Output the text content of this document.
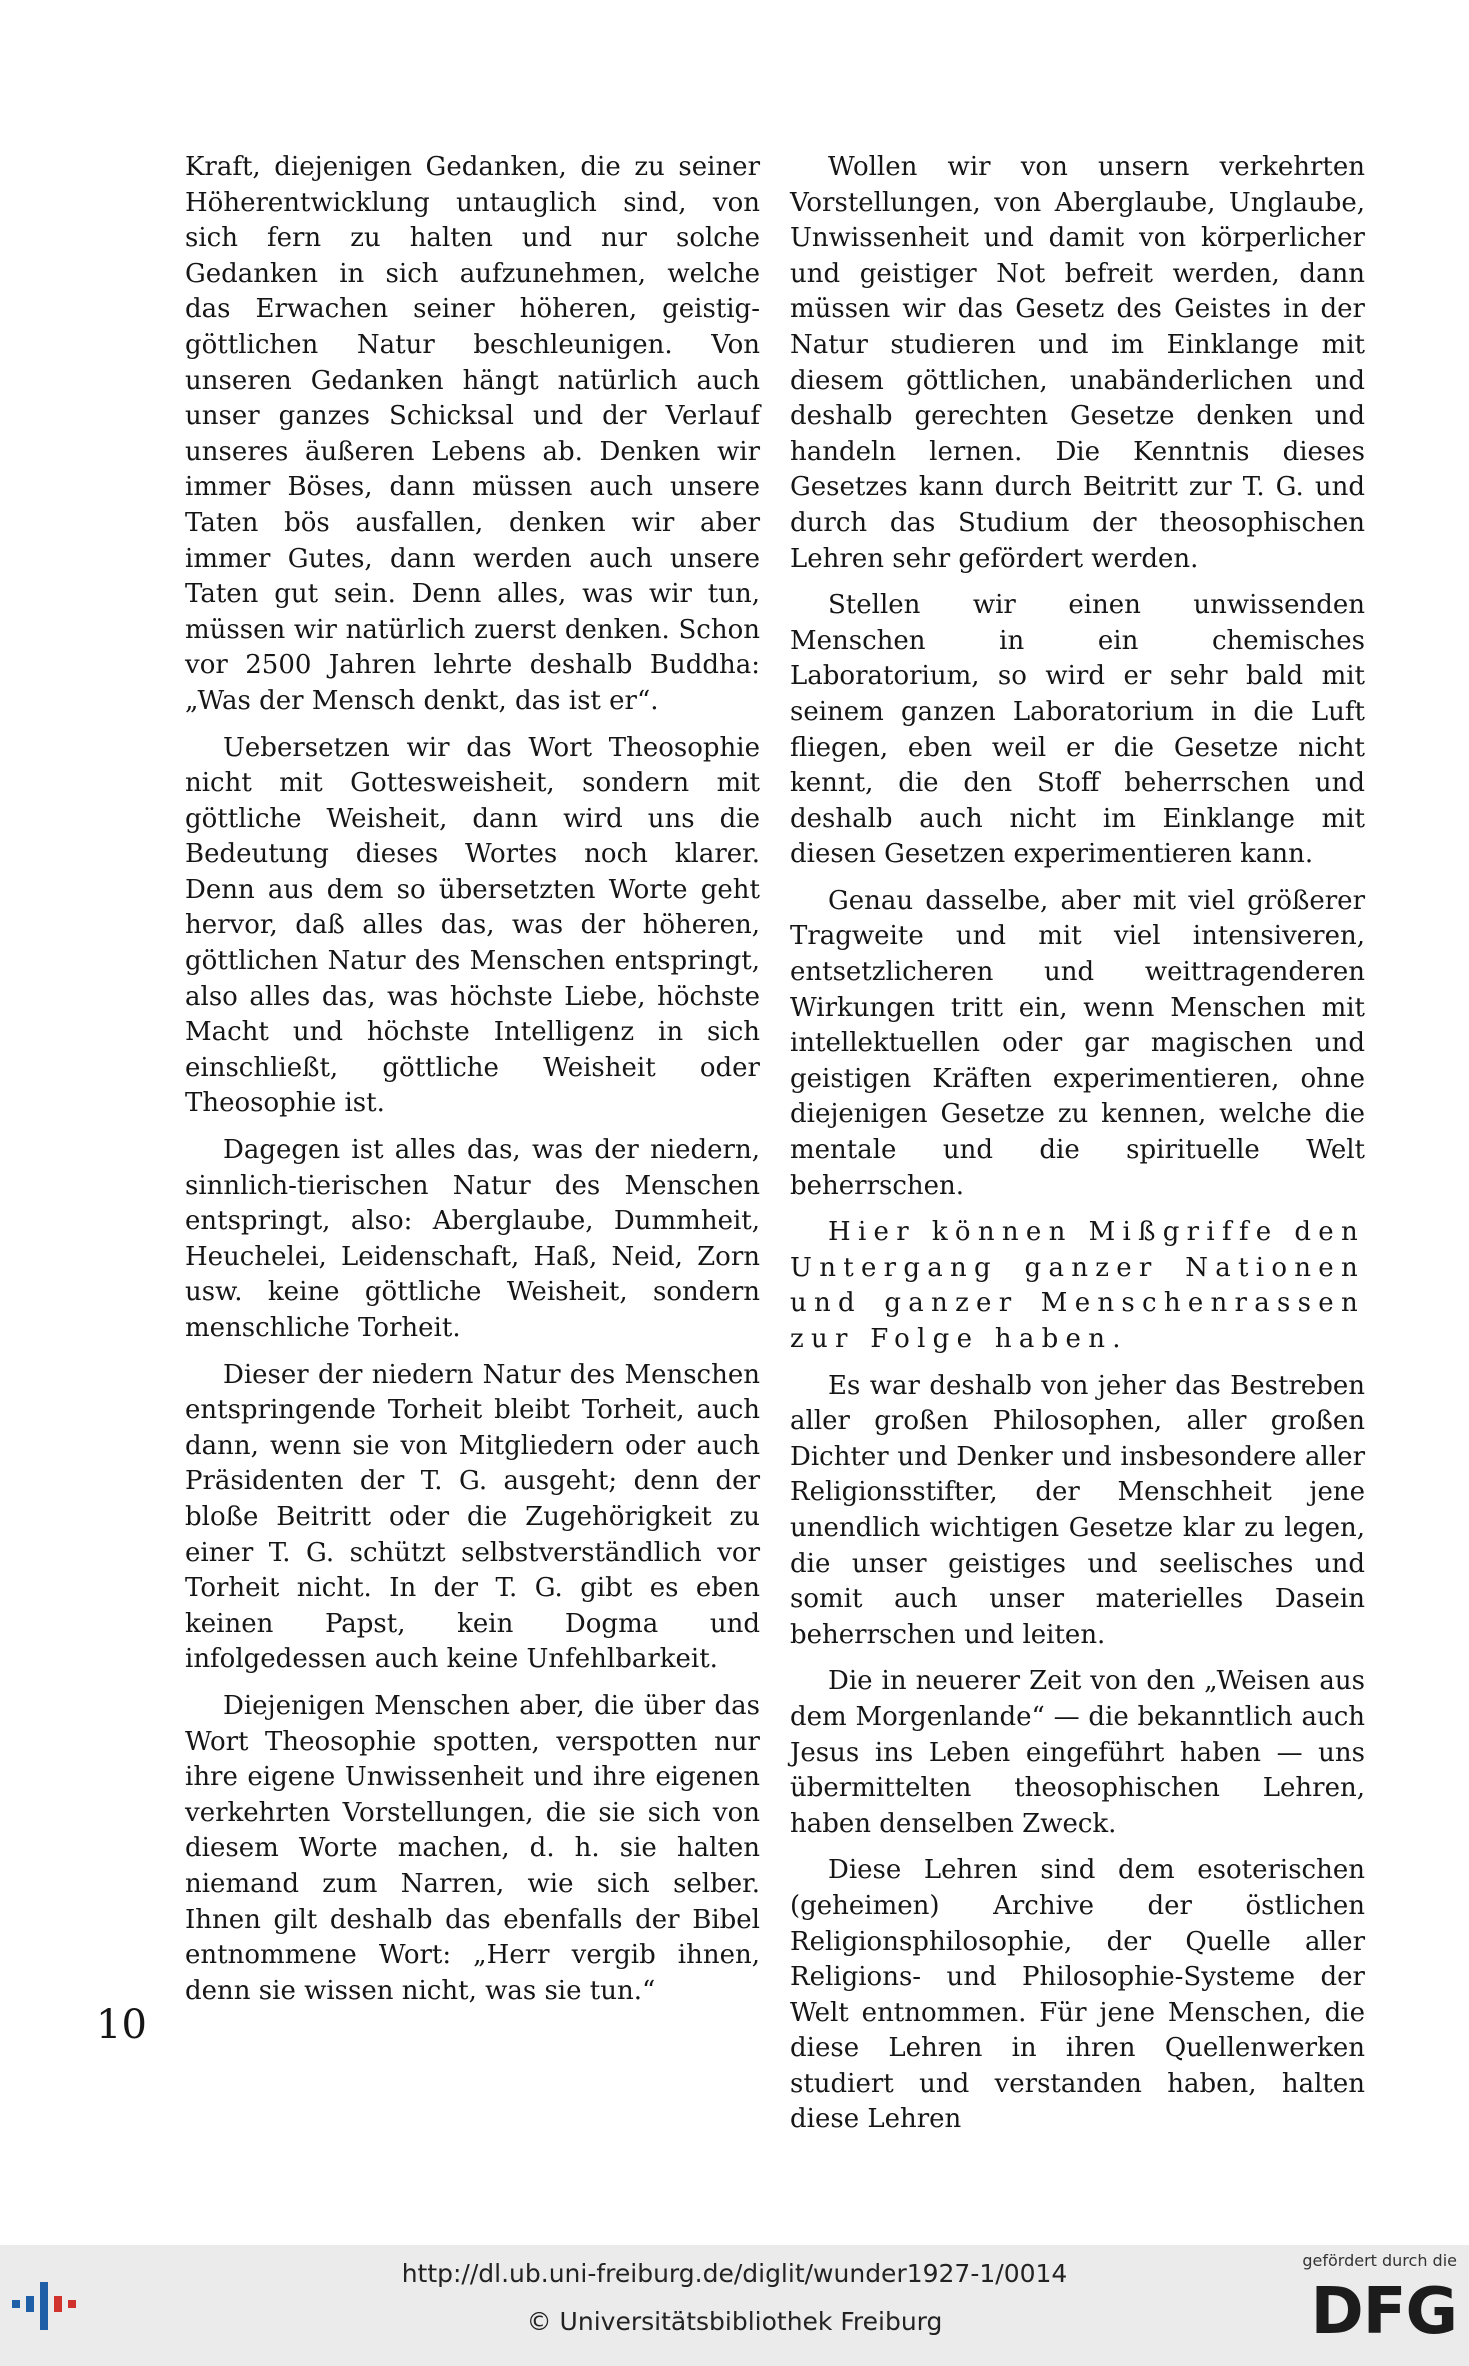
Kraft, diejenigen Gedanken, die zu seiner Höherentwicklung untauglich sind, von sich fern zu halten und nur solche Gedanken in sich aufzunehmen, welche das Erwachen seiner höheren, geistig-göttlichen Natur beschleunigen. Von unseren Gedanken hängt natürlich auch unser ganzes Schicksal und der Verlauf unseres äußeren Lebens ab. Denken wir immer Böses, dann müssen auch unsere Taten bös ausfallen, denken wir aber immer Gutes, dann werden auch unsere Taten gut sein. Denn alles, was wir tun, müssen wir natürlich zuerst denken. Schon vor 2500 Jahren lehrte deshalb Buddha: „Was der Mensch denkt, das ist er“.

Uebersetzen wir das Wort Theosophie nicht mit Gottesweisheit, sondern mit göttliche Weisheit, dann wird uns die Bedeutung dieses Wortes noch klarer. Denn aus dem so übersetzten Worte geht hervor, daß alles das, was der höheren, göttlichen Natur des Menschen entspringt, also alles das, was höchste Liebe, höchste Macht und höchste Intelligenz in sich einschließt, göttliche Weisheit oder Theosophie ist.

Dagegen ist alles das, was der niedern, sinnlich-tierischen Natur des Menschen entspringt, also: Aberglaube, Dummheit, Heuchelei, Leidenschaft, Haß, Neid, Zorn usw. keine göttliche Weisheit, sondern menschliche Torheit.

Dieser der niedern Natur des Menschen entspringende Torheit bleibt Torheit, auch dann, wenn sie von Mitgliedern oder auch Präsidenten der T. G. ausgeht; denn der bloße Beitritt oder die Zugehörigkeit zu einer T. G. schützt selbstverständlich vor Torheit nicht. In der T. G. gibt es eben keinen Papst, kein Dogma und infolgedessen auch keine Unfehlbarkeit.

Diejenigen Menschen aber, die über das Wort Theosophie spotten, verspotten nur ihre eigene Unwissenheit und ihre eigenen verkehrten Vorstellungen, die sie sich von diesem Worte machen, d. h. sie halten niemand zum Narren, wie sich selber. Ihnen gilt deshalb das ebenfalls der Bibel entnommene Wort: „Herr vergib ihnen, denn sie wissen nicht, was sie tun.“

Wollen wir von unsern verkehrten Vorstellungen, von Aberglaube, Unglaube, Unwissenheit und damit von körperlicher und geistiger Not befreit werden, dann müssen wir das Gesetz des Geistes in der Natur studieren und im Einklange mit diesem göttlichen, unabänderlichen und deshalb gerechten Gesetze denken und handeln lernen. Die Kenntnis dieses Gesetzes kann durch Beitritt zur T. G. und durch das Studium der theosophischen Lehren sehr gefördert werden.

Stellen wir einen unwissenden Menschen in ein chemisches Laboratorium, so wird er sehr bald mit seinem ganzen Laboratorium in die Luft fliegen, eben weil er die Gesetze nicht kennt, die den Stoff beherrschen und deshalb auch nicht im Einklange mit diesen Gesetzen experimentieren kann.

Genau dasselbe, aber mit viel größerer Tragweite und mit viel intensiveren, entsetzlicheren und weittragenderen Wirkungen tritt ein, wenn Menschen mit intellektuellen oder gar magischen und geistigen Kräften experimentieren, ohne diejenigen Gesetze zu kennen, welche die mentale und die spirituelle Welt beherrschen.

Hier können Mißgriffe den Untergang ganzer Nationen und ganzer Menschenrassen zur Folge haben.

Es war deshalb von jeher das Bestreben aller großen Philosophen, aller großen Dichter und Denker und insbesondere aller Religionsstifter, der Menschheit jene unendlich wichtigen Gesetze klar zu legen, die unser geistiges und seelisches und somit auch unser materielles Dasein beherrschen und leiten.

Die in neuerer Zeit von den „Weisen aus dem Morgenlande“ — die bekanntlich auch Jesus ins Leben eingeführt haben — uns übermittelten theosophischen Lehren, haben denselben Zweck.

Diese Lehren sind dem esoterischen (geheimen) Archive der östlichen Religionsphilosophie, der Quelle aller Religions- und Philosophie-Systeme der Welt entnommen. Für jene Menschen, die diese Lehren in ihren Quellenwerken studiert und verstanden haben, halten diese Lehren

10
http://dl.ub.uni-freiburg.de/diglit/wunder1927-1/0014
© Universitätsbibliothek Freiburg
gefördert durch die
DFG
